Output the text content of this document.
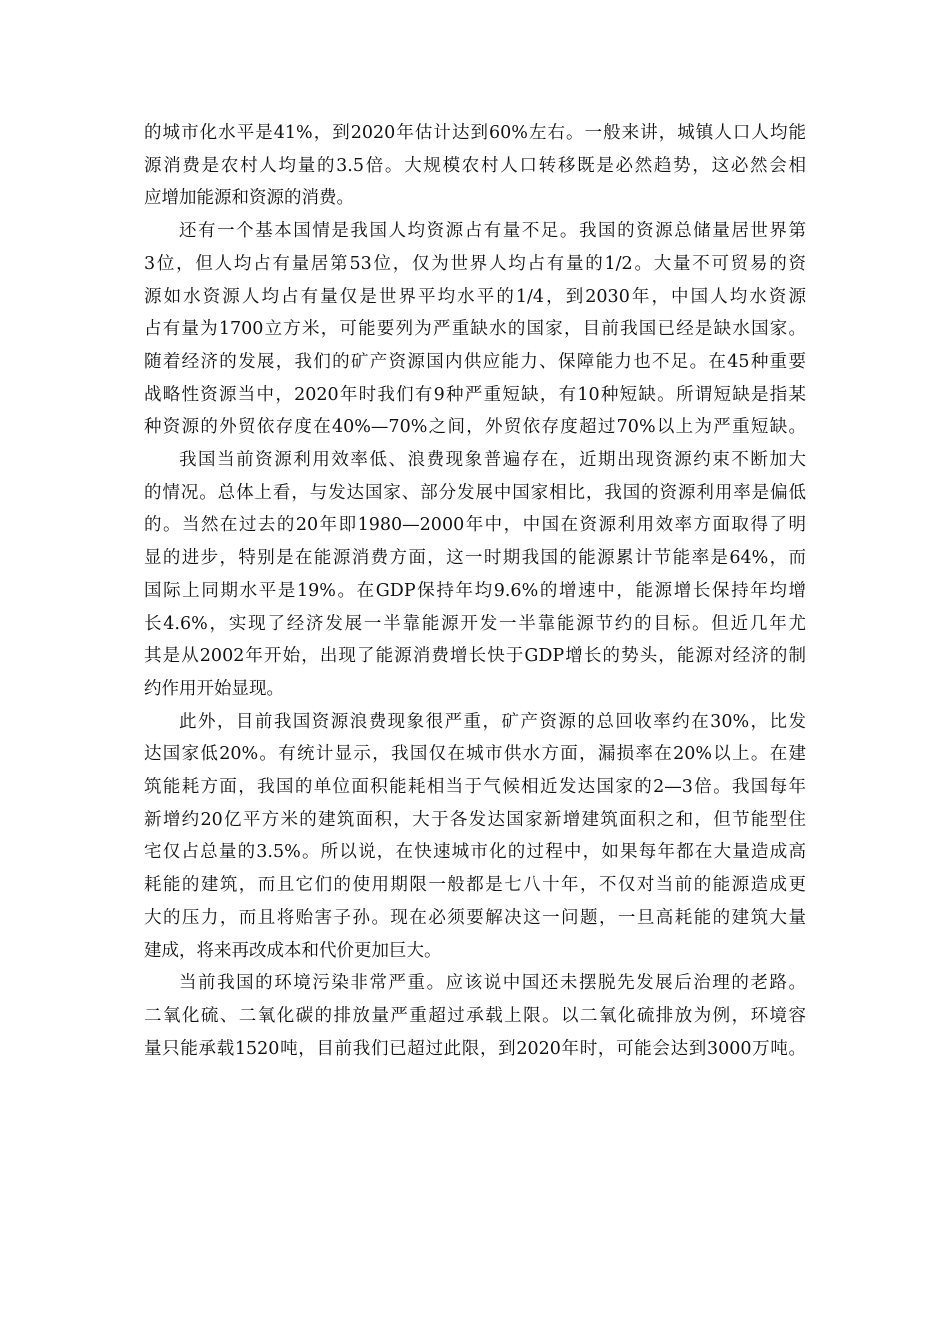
的城市化水平是41%，到2020年估计达到60%左右。一般来讲，城镇人口人均能
源消费是农村人均量的3.5倍。大规模农村人口转移既是必然趋势，这必然会相
应增加能源和资源的消费。

还有一个基本国情是我国人均资源占有量不足。我国的资源总储量居世界第
3位，但人均占有量居第53位，仅为世界人均占有量的1/2。大量不可贸易的资
源如水资源人均占有量仅是世界平均水平的1/4，到2030年，中国人均水资源
占有量为1700立方米，可能要列为严重缺水的国家，目前我国已经是缺水国家。
随着经济的发展，我们的矿产资源国内供应能力、保障能力也不足。在45种重要
战略性资源当中，2020年时我们有9种严重短缺，有10种短缺。所谓短缺是指某
种资源的外贸依存度在40%—70%之间，外贸依存度超过70%以上为严重短缺。

我国当前资源利用效率低、浪费现象普遍存在，近期出现资源约束不断加大
的情况。总体上看，与发达国家、部分发展中国家相比，我国的资源利用率是偏低
的。当然在过去的20年即1980—2000年中，中国在资源利用效率方面取得了明
显的进步，特别是在能源消费方面，这一时期我国的能源累计节能率是64%，而
国际上同期水平是19%。在GDP保持年均9.6%的增速中，能源增长保持年均增
长4.6%，实现了经济发展一半靠能源开发一半靠能源节约的目标。但近几年尤
其是从2002年开始，出现了能源消费增长快于GDP增长的势头，能源对经济的制
约作用开始显现。

此外，目前我国资源浪费现象很严重，矿产资源的总回收率约在30%，比发
达国家低20%。有统计显示，我国仅在城市供水方面，漏损率在20%以上。在建
筑能耗方面，我国的单位面积能耗相当于气候相近发达国家的2—3倍。我国每年
新增约20亿平方米的建筑面积，大于各发达国家新增建筑面积之和，但节能型住
宅仅占总量的3.5%。所以说，在快速城市化的过程中，如果每年都在大量造成高
耗能的建筑，而且它们的使用期限一般都是七八十年，不仅对当前的能源造成更
大的压力，而且将贻害子孙。现在必须要解决这一问题，一旦高耗能的建筑大量
建成，将来再改成本和代价更加巨大。

当前我国的环境污染非常严重。应该说中国还未摆脱先发展后治理的老路。
二氧化硫、二氧化碳的排放量严重超过承载上限。以二氧化硫排放为例，环境容
量只能承载1520吨，目前我们已超过此限，到2020年时，可能会达到3000万吨。
